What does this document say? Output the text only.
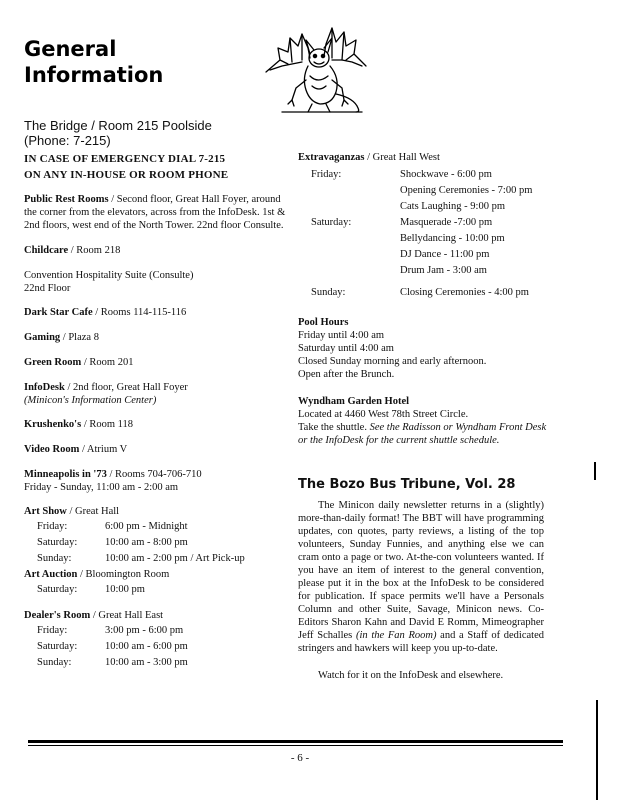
General
Information

The Bridge / Room 215 Poolside
(Phone: 7-215)

IN CASE OF EMERGENCY DIAL 7-215
ON ANY IN-HOUSE OR ROOM PHONE

Public Rest Rooms / Second floor, Great Hall Foyer, around the corner from the elevators, across from the InfoDesk. 1st & 2nd floors, west end of the North Tower. 22nd floor Consulte.
Childcare / Room 218
Convention Hospitality Suite (Consulte)
22nd Floor
Dark Star Cafe / Rooms 114-115-116
Gaming / Plaza 8
Green Room / Room 201
InfoDesk / 2nd floor, Great Hall Foyer
(Minicon's Information Center)
Krushenko's / Room 118
Video Room / Atrium V
Minneapolis in '73 / Rooms 704-706-710
Friday - Sunday, 11:00 am - 2:00 am
Art Show / Great Hall
Friday:	6:00 pm - Midnight
Saturday:	10:00 am - 8:00 pm
Sunday:	10:00 am - 2:00 pm / Art Pick-up
Art Auction / Bloomington Room
Saturday:	10:00 pm
Dealer's Room / Great Hall East
Friday:	3:00 pm - 6:00 pm
Saturday:	10:00 am - 6:00 pm
Sunday:	10:00 am - 3:00 pm
Extravaganzas / Great Hall West
Friday:	Shockwave - 6:00 pm
Opening Ceremonies - 7:00 pm
Cats Laughing - 9:00 pm
Saturday:	Masquerade -7:00 pm
Bellydancing - 10:00 pm
DJ Dance - 11:00 pm
Drum Jam - 3:00 am
Sunday:	Closing Ceremonies - 4:00 pm
Pool Hours
Friday until 4:00 am
Saturday until 4:00 am
Closed Sunday morning and early afternoon. Open after the Brunch.
Wyndham Garden Hotel
Located at 4460 West 78th Street Circle.
Take the shuttle. See the Radisson or Wyndham Front Desk or the InfoDesk for the current shuttle schedule.

The Bozo Bus Tribune, Vol. 28

The Minicon daily newsletter returns in a (slightly) more-than-daily format! The BBT will have programming updates, con quotes, party reviews, a listing of the top volunteers, Sunday Funnies, and anything else we can cram onto a page or two. At-the-con volunteers wanted. If you have an item of interest to the general convention, please put it in the box at the InfoDesk to be considered for publication. If space permits we'll have a Personals Column and other Suite, Savage, Minicon news. Co-Editors Sharon Kahn and David E Romm, Mimeographer Jeff Schalles (in the Fan Room) and a Staff of dedicated stringers and hawkers will keep you up-to-date.
Watch for it on the InfoDesk and elsewhere.
- 6 -
